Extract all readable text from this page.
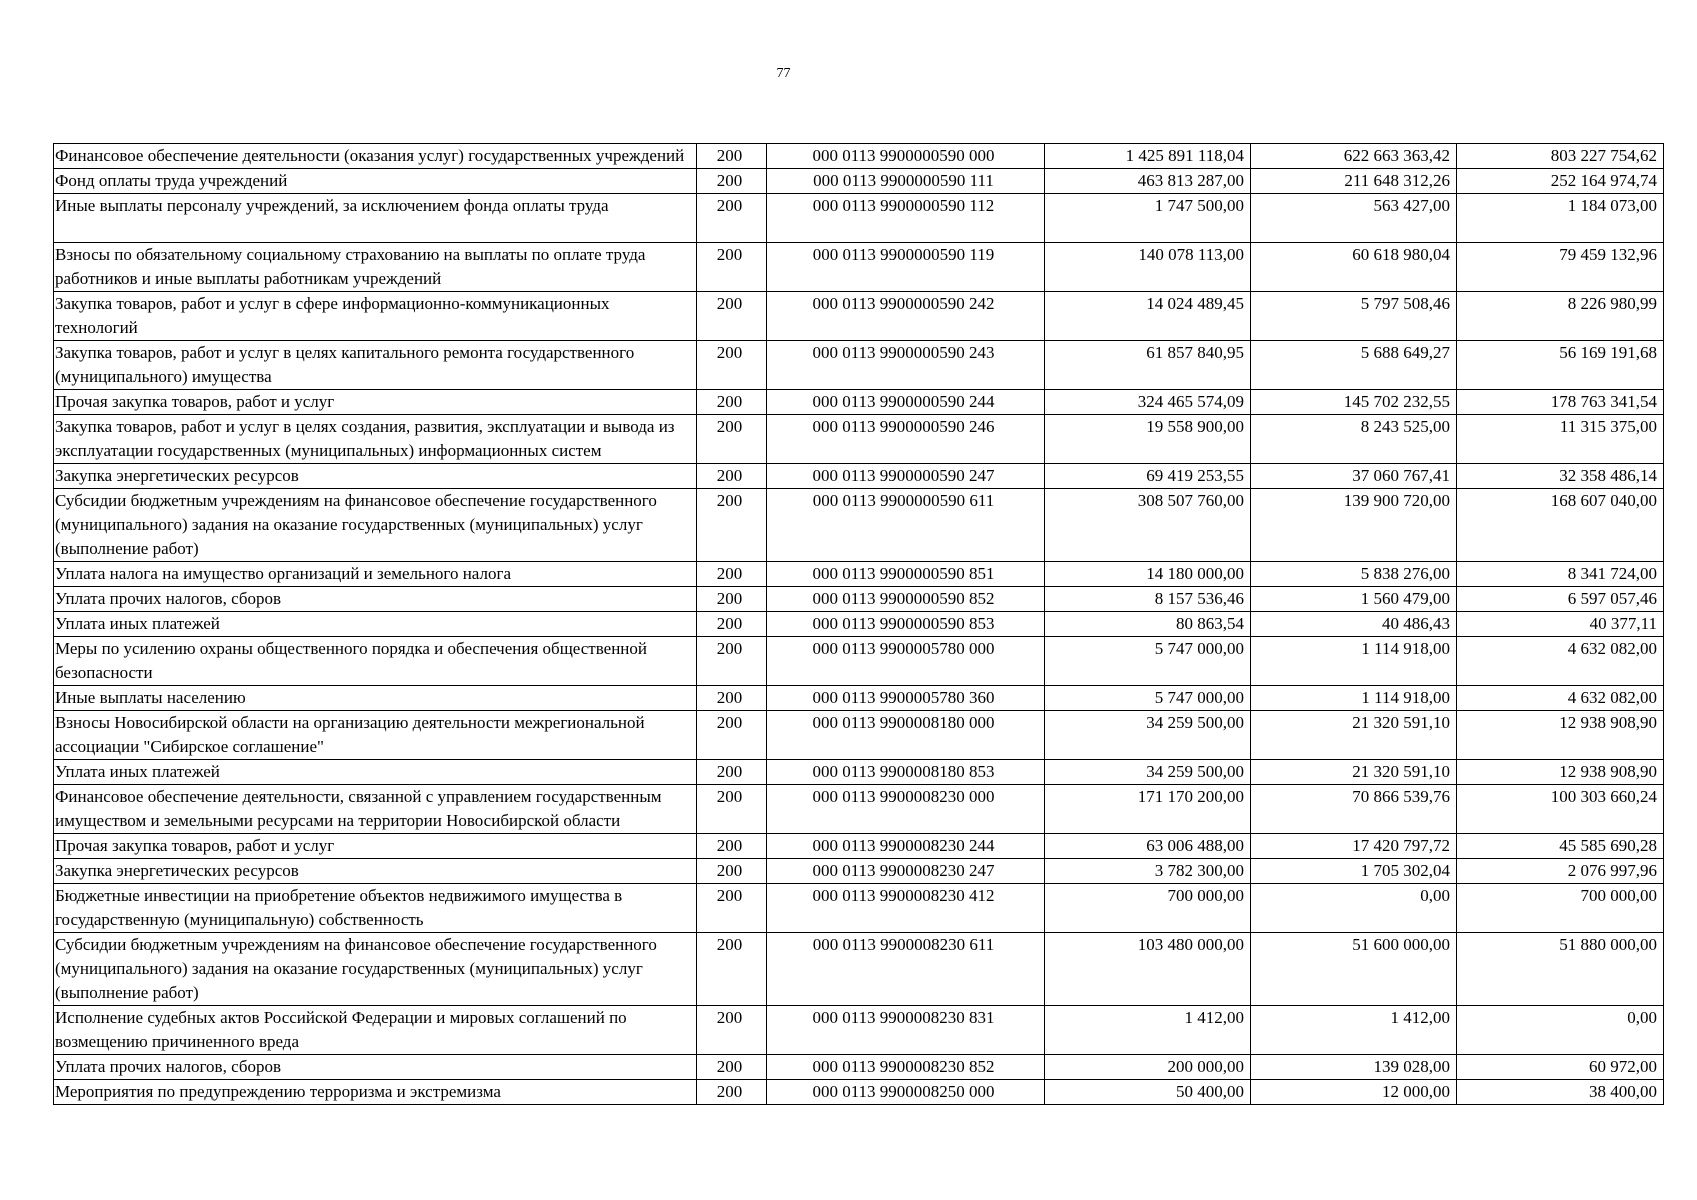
77
Финансовое обеспечение деятельности (оказания услуг) государственных учреждений	200	000 0113 9900000590 000	1 425 891 118,04	622 663 363,42	803 227 754,62
Фонд оплаты труда учреждений	200	000 0113 9900000590 111	463 813 287,00	211 648 312,26	252 164 974,74
Иные выплаты персоналу учреждений, за исключением фонда оплаты труда	200	000 0113 9900000590 112	1 747 500,00	563 427,00	1 184 073,00
Взносы по обязательному социальному страхованию на выплаты по оплате труда работников и иные выплаты работникам учреждений	200	000 0113 9900000590 119	140 078 113,00	60 618 980,04	79 459 132,96
Закупка товаров, работ и услуг в сфере информационно-коммуникационных технологий	200	000 0113 9900000590 242	14 024 489,45	5 797 508,46	8 226 980,99
Закупка товаров, работ и услуг в целях капитального ремонта государственного (муниципального) имущества	200	000 0113 9900000590 243	61 857 840,95	5 688 649,27	56 169 191,68
Прочая закупка товаров, работ и услуг	200	000 0113 9900000590 244	324 465 574,09	145 702 232,55	178 763 341,54
Закупка товаров, работ и услуг в целях создания, развития, эксплуатации и вывода из эксплуатации государственных (муниципальных) информационных систем	200	000 0113 9900000590 246	19 558 900,00	8 243 525,00	11 315 375,00
Закупка энергетических ресурсов	200	000 0113 9900000590 247	69 419 253,55	37 060 767,41	32 358 486,14
Субсидии бюджетным учреждениям на финансовое обеспечение государственного (муниципального) задания на оказание государственных (муниципальных) услуг (выполнение работ)	200	000 0113 9900000590 611	308 507 760,00	139 900 720,00	168 607 040,00
Уплата налога на имущество организаций и земельного налога	200	000 0113 9900000590 851	14 180 000,00	5 838 276,00	8 341 724,00
Уплата прочих налогов, сборов	200	000 0113 9900000590 852	8 157 536,46	1 560 479,00	6 597 057,46
Уплата иных платежей	200	000 0113 9900000590 853	80 863,54	40 486,43	40 377,11
Меры по усилению охраны общественного порядка и обеспечения общественной безопасности	200	000 0113 9900005780 000	5 747 000,00	1 114 918,00	4 632 082,00
Иные выплаты населению	200	000 0113 9900005780 360	5 747 000,00	1 114 918,00	4 632 082,00
Взносы Новосибирской области на организацию деятельности межрегиональной ассоциации "Сибирское соглашение"	200	000 0113 9900008180 000	34 259 500,00	21 320 591,10	12 938 908,90
Уплата иных платежей	200	000 0113 9900008180 853	34 259 500,00	21 320 591,10	12 938 908,90
Финансовое обеспечение деятельности, связанной с управлением государственным имуществом и земельными ресурсами на территории Новосибирской области	200	000 0113 9900008230 000	171 170 200,00	70 866 539,76	100 303 660,24
Прочая закупка товаров, работ и услуг	200	000 0113 9900008230 244	63 006 488,00	17 420 797,72	45 585 690,28
Закупка энергетических ресурсов	200	000 0113 9900008230 247	3 782 300,00	1 705 302,04	2 076 997,96
Бюджетные инвестиции на приобретение объектов недвижимого имущества в государственную (муниципальную) собственность	200	000 0113 9900008230 412	700 000,00	0,00	700 000,00
Субсидии бюджетным учреждениям на финансовое обеспечение государственного (муниципального) задания на оказание государственных (муниципальных) услуг (выполнение работ)	200	000 0113 9900008230 611	103 480 000,00	51 600 000,00	51 880 000,00
Исполнение судебных актов Российской Федерации и мировых соглашений по возмещению причиненного вреда	200	000 0113 9900008230 831	1 412,00	1 412,00	0,00
Уплата прочих налогов, сборов	200	000 0113 9900008230 852	200 000,00	139 028,00	60 972,00
Мероприятия по предупреждению терроризма и экстремизма	200	000 0113 9900008250 000	50 400,00	12 000,00	38 400,00
